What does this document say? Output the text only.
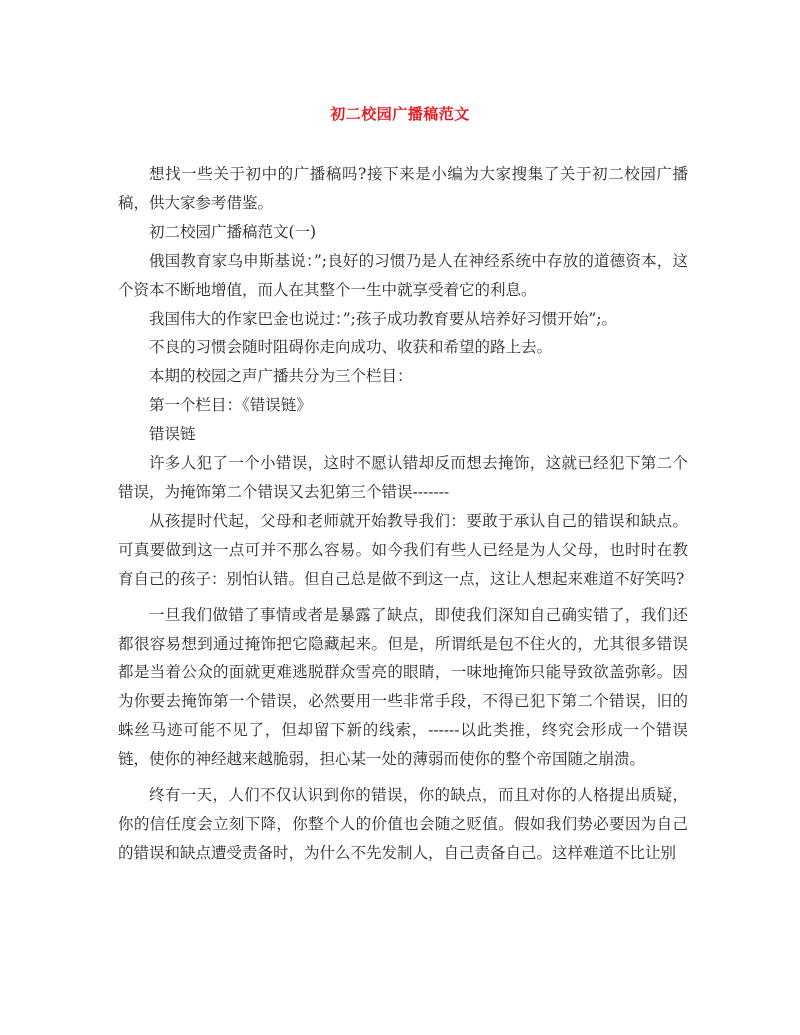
初二校园广播稿范文

想找一些关于初中的广播稿吗?接下来是小编为大家搜集了关于初二校园广播稿，供大家参考借鉴。

初二校园广播稿范文(一)

俄国教育家乌申斯基说：”;良好的习惯乃是人在神经系统中存放的道德资本，这个资本不断地增值，而人在其整个一生中就享受着它的利息。

我国伟大的作家巴金也说过：”;孩子成功教育要从培养好习惯开始”;。

不良的习惯会随时阻碍你走向成功、收获和希望的路上去。

本期的校园之声广播共分为三个栏目：

第一个栏目：《错误链》

错误链

许多人犯了一个小错误，这时不愿认错却反而想去掩饰，这就已经犯下第二个错误，为掩饰第二个错误又去犯第三个错误-------

从孩提时代起，父母和老师就开始教导我们：要敢于承认自己的错误和缺点。可真要做到这一点可并不那么容易。如今我们有些人已经是为人父母，也时时在教育自己的孩子：别怕认错。但自己总是做不到这一点，这让人想起来难道不好笑吗?

一旦我们做错了事情或者是暴露了缺点，即使我们深知自己确实错了，我们还都很容易想到通过掩饰把它隐藏起来。但是，所谓纸是包不住火的，尤其很多错误都是当着公众的面就更难逃脱群众雪亮的眼睛，一味地掩饰只能导致欲盖弥彰。因为你要去掩饰第一个错误，必然要用一些非常手段，不得已犯下第二个错误，旧的蛛丝马迹可能不见了，但却留下新的线索，------以此类推，终究会形成一个错误链，使你的神经越来越脆弱，担心某一处的薄弱而使你的整个帝国随之崩溃。

终有一天，人们不仅认识到你的错误，你的缺点，而且对你的人格提出质疑，你的信任度会立刻下降，你整个人的价值也会随之贬值。假如我们势必要因为自己的错误和缺点遭受责备时，为什么不先发制人，自己责备自己。这样难道不比让别
